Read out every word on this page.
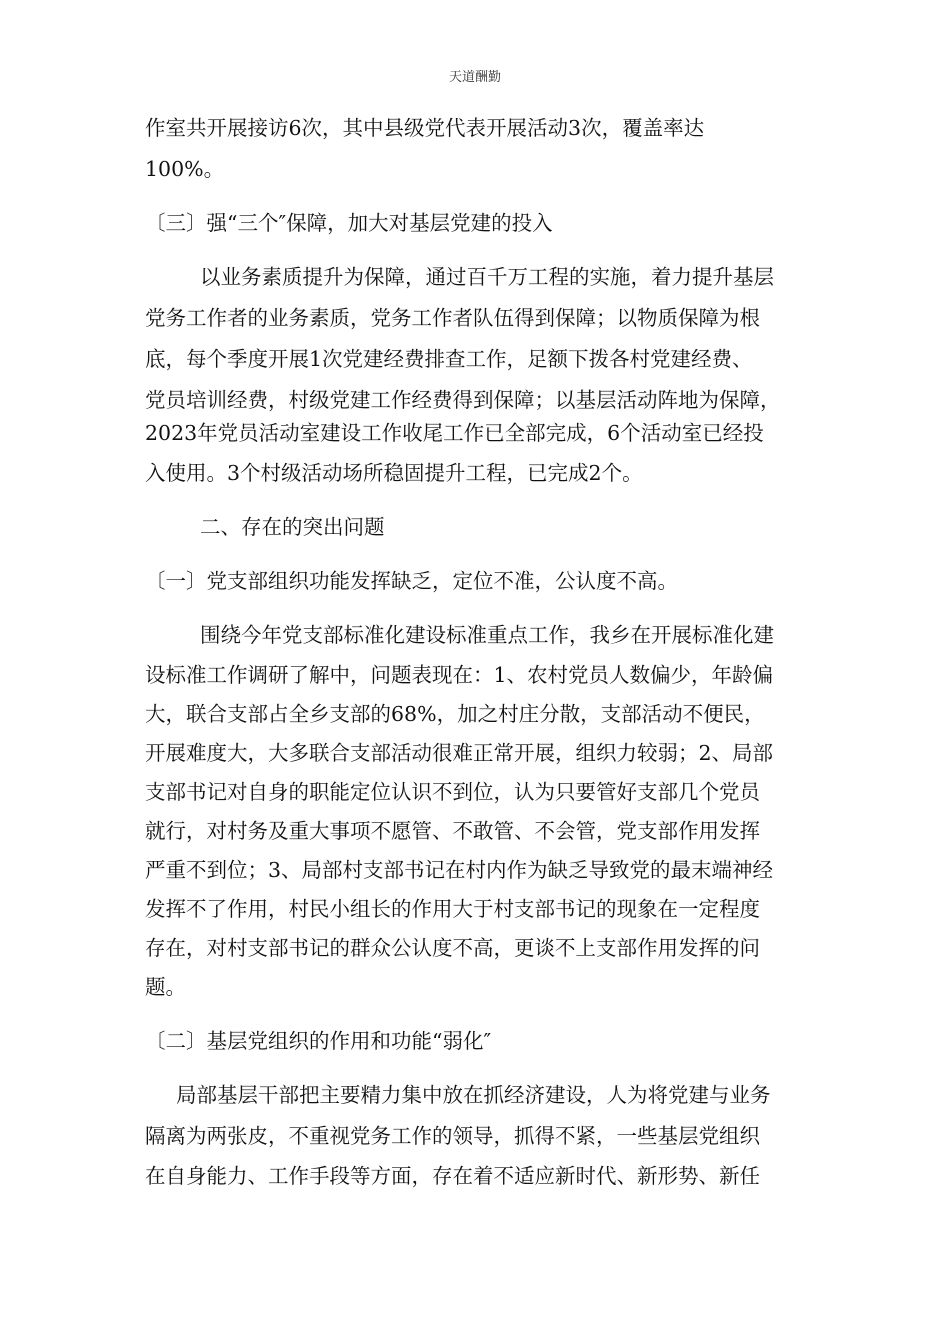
天道酬勤
作室共开展接访6次，其中县级党代表开展活动3次，覆盖率达
100%。
〔三〕强“三个″保障，加大对基层党建的投入
以业务素质提升为保障，通过百千万工程的实施，着力提升基层
党务工作者的业务素质，党务工作者队伍得到保障；以物质保障为根
底，每个季度开展1次党建经费排查工作，足额下拨各村党建经费、
党员培训经费，村级党建工作经费得到保障；以基层活动阵地为保障，
2023年党员活动室建设工作收尾工作已全部完成，6个活动室已经投
入使用。3个村级活动场所稳固提升工程，已完成2个。
二、存在的突出问题
〔一〕党支部组织功能发挥缺乏，定位不准，公认度不高。
围绕今年党支部标准化建设标准重点工作，我乡在开展标准化建
设标准工作调研了解中，问题表现在：1、农村党员人数偏少，年龄偏
大，联合支部占全乡支部的68%，加之村庄分散，支部活动不便民，
开展难度大，大多联合支部活动很难正常开展，组织力较弱；2、局部
支部书记对自身的职能定位认识不到位，认为只要管好支部几个党员
就行，对村务及重大事项不愿管、不敢管、不会管，党支部作用发挥
严重不到位；3、局部村支部书记在村内作为缺乏导致党的最末端神经
发挥不了作用，村民小组长的作用大于村支部书记的现象在一定程度
存在，对村支部书记的群众公认度不高，更谈不上支部作用发挥的问
题。
〔二〕基层党组织的作用和功能“弱化″
局部基层干部把主要精力集中放在抓经济建设，人为将党建与业务
隔离为两张皮，不重视党务工作的领导，抓得不紧，一些基层党组织
在自身能力、工作手段等方面，存在着不适应新时代、新形势、新任
